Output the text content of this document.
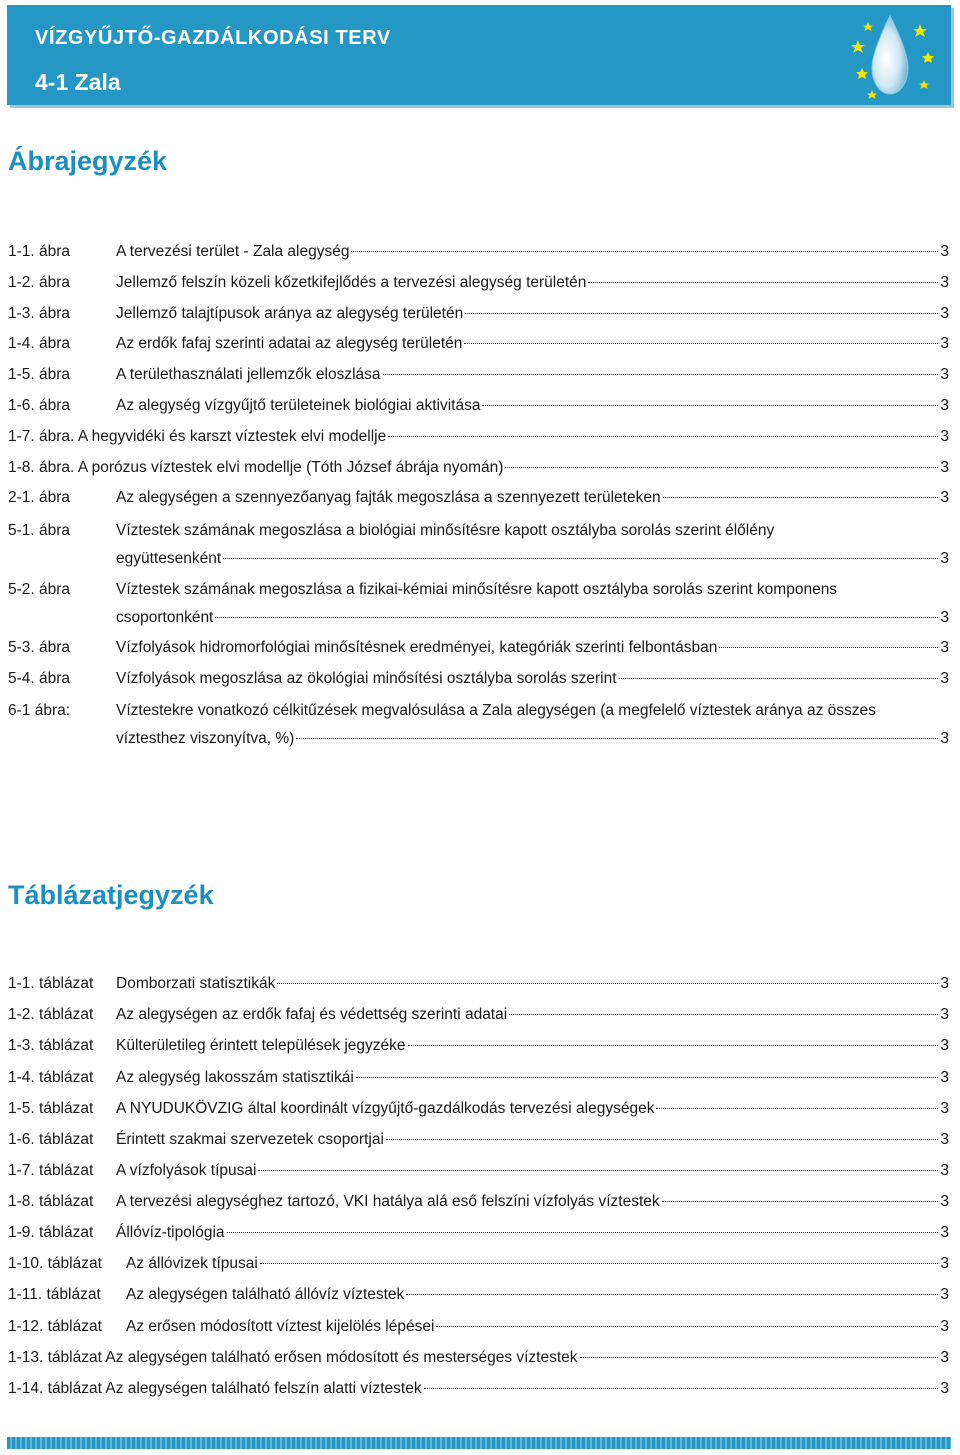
VÍZGYŰJTŐ-GAZDÁLKODÁSI TERV
4-1 Zala
Ábrajegyzék
1-1. ábra	A tervezési terület - Zala alegység	3
1-2. ábra	Jellemző felszín közeli kőzetkifejlődés a tervezési alegység területén	3
1-3. ábra	Jellemző talajtípusok aránya az alegység területén	3
1-4. ábra	Az erdők fafaj szerinti adatai az alegység területén	3
1-5. ábra	A területhasználati jellemzők eloszlása	3
1-6. ábra	Az alegység vízgyűjtő területeinek biológiai aktivitása	3
1-7. ábra. A hegyvidéki és karszt víztestek elvi modellje	3
1-8. ábra. A porózus víztestek elvi modellje (Tóth József ábrája nyomán)	3
2-1. ábra	Az alegységen a szennyezőanyag fajták megoszlása a szennyezett területeken	3
5-1. ábra	Víztestek számának megoszlása a biológiai minősítésre kapott osztályba sorolás szerint élőlény
együttesenként	3
5-2. ábra	Víztestek számának megoszlása a fizikai-kémiai minősítésre kapott osztályba sorolás szerint komponens
csoportonként	3
5-3. ábra	Vízfolyások hidromorfológiai minősítésnek eredményei, kategóriák szerinti felbontásban	3
5-4. ábra	Vízfolyások megoszlása az ökológiai minősítési osztályba sorolás szerint	3
6-1 ábra:	Víztestekre vonatkozó célkitűzések megvalósulása a Zala alegységen (a megfelelő víztestek aránya az összes
víztesthez viszonyítva, %)	3
Táblázatjegyzék
1-1. táblázat Domborzati statisztikák	3
1-2. táblázat Az alegységen az erdők fafaj és védettség szerinti adatai	3
1-3. táblázat Külterületileg érintett települések jegyzéke	3
1-4. táblázat Az alegység lakosszám statisztikái	3
1-5. táblázat A NYUDUKÖVZIG által koordinált vízgyűjtő-gazdálkodás tervezési alegységek	3
1-6. táblázat Érintett szakmai szervezetek csoportjai	3
1-7. táblázat A vízfolyások típusai	3
1-8. táblázat A tervezési alegységhez tartozó, VKI hatálya alá eső felszíni vízfolyás víztestek	3
1-9. táblázat Állóvíz-tipológia	3
1-10. táblázat Az állóvizek típusai	3
1-11. táblázat Az alegységen található állóvíz víztestek	3
1-12. táblázat Az erősen módosított víztest kijelölés lépései	3
1-13. táblázat Az alegységen található erősen módosított és mesterséges víztestek	3
1-14. táblázat Az alegységen található felszín alatti víztestek	3
